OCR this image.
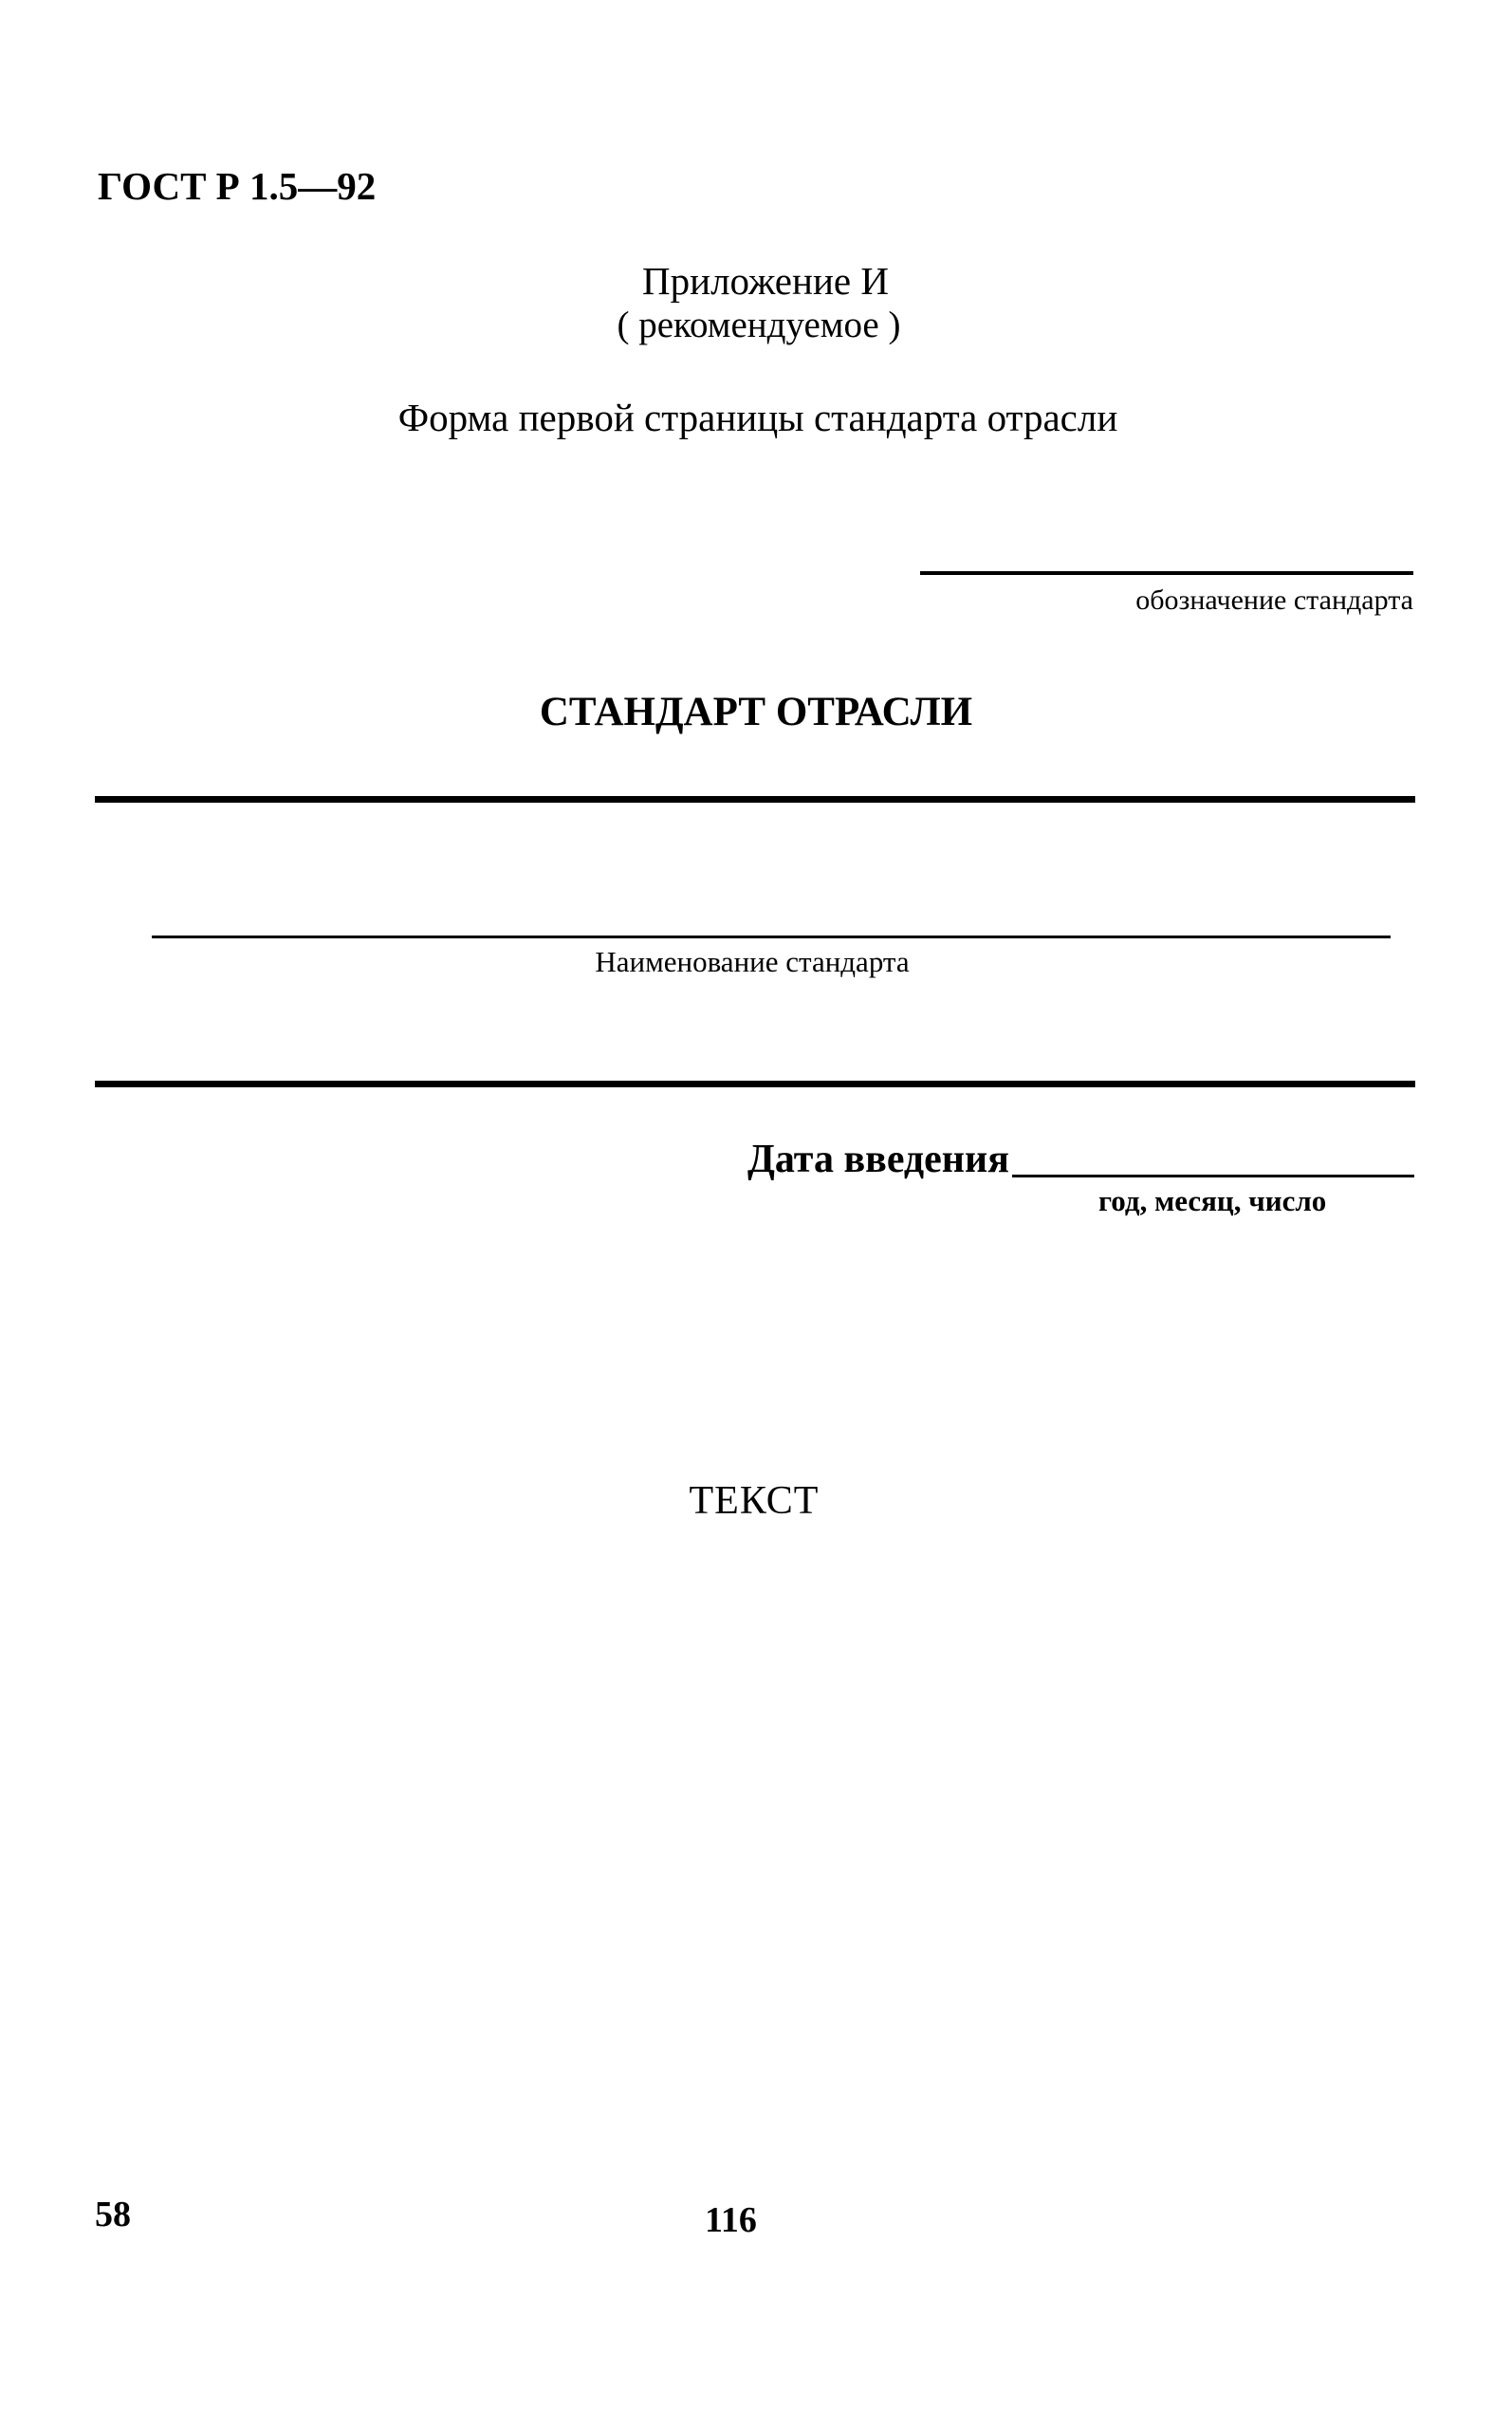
ГОСТ Р 1.5—92
Приложение И
( рекомендуемое )
Форма первой страницы стандарта отрасли
обозначение стандарта
СТАНДАРТ ОТРАСЛИ
Наименование стандарта
Дата введения
год, месяц, число
ТЕКСТ
58	116
